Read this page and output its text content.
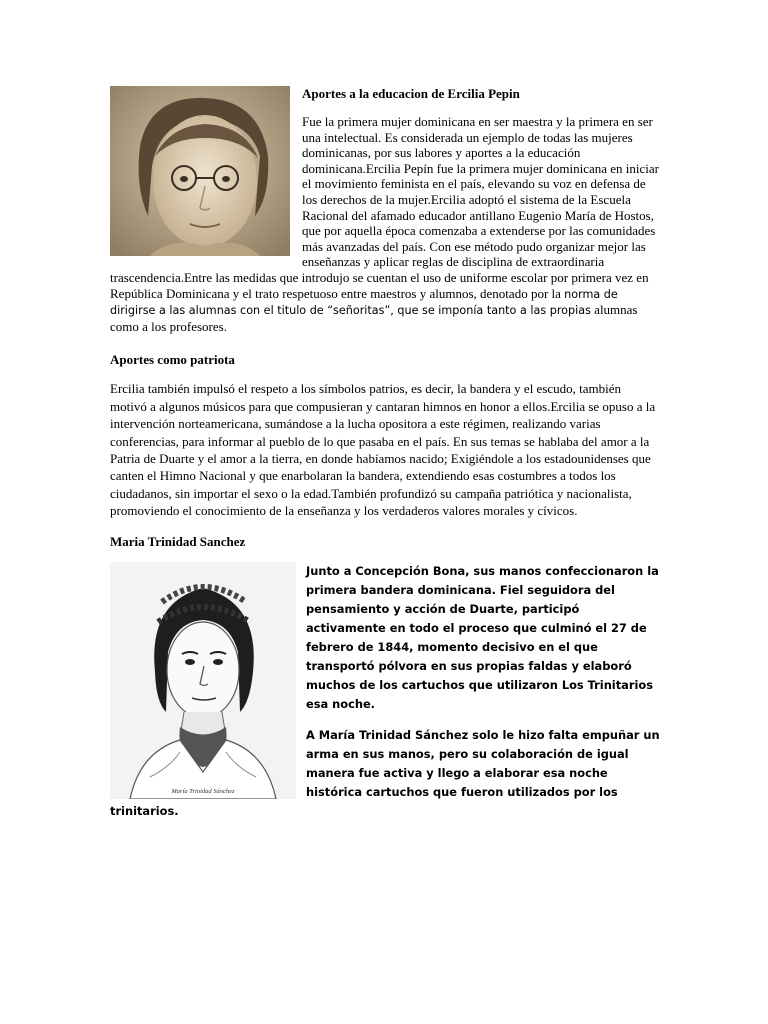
Aportes a la educacion de Ercilia Pepin

Fue la primera mujer dominicana en ser maestra y la primera en ser una intelectual. Es considerada un ejemplo de todas las mujeres dominicanas, por sus labores y aportes a la educación dominicana.Ercilia Pepín fue la primera mujer dominicana en iniciar el movimiento feminista en el país, elevando su voz en defensa de los derechos de la mujer.Ercilia adoptó el sistema de la Escuela Racional del afamado educador antillano Eugenio María de Hostos, que por aquella época comenzaba a extenderse por las comunidades más avanzadas del país. Con ese método pudo organizar mejor las enseñanzas y aplicar reglas de disciplina de extraordinaria trascendencia.Entre las medidas que introdujo se cuentan el uso de uniforme escolar por primera vez en República Dominicana y el trato respetuoso entre maestros y alumnos, denotado por la norma de dirigirse a las alumnas con el titulo de “señoritas”, que se imponía tanto a las propias alumnas como a los profesores.

Aportes como patriota

Ercilia también impulsó el respeto a los símbolos patrios, es decir, la bandera y el escudo, también motivó a algunos músicos para que compusieran y cantaran himnos en honor a ellos.Ercilia se opuso a la intervención norteamericana, sumándose a la lucha opositora a este régimen, realizando varias conferencias, para informar al pueblo de lo que pasaba en el país. En sus temas se hablaba del amor a la Patria de Duarte y el amor a la tierra, en donde habíamos nacido; Exigiéndole a los estadounidenses que canten el Himno Nacional y que enarbolaran la bandera, extendiendo esas costumbres a todos los ciudadanos, sin importar el sexo o la edad.También profundizó su campaña patriótica y nacionalista, promoviendo el conocimiento de la enseñanza y los verdaderos valores morales y cívicos.

Maria Trinidad Sanchez
María Trinidad Sánchez

Junto a Concepción Bona, sus manos confeccionaron la primera bandera dominicana. Fiel seguidora del pensamiento y acción de Duarte, participó activamente en todo el proceso que culminó el 27 de febrero de 1844, momento decisivo en el que transportó pólvora en sus propias faldas y elaboró muchos de los cartuchos que utilizaron Los Trinitarios esa noche.

A María Trinidad Sánchez solo le hizo falta empuñar un arma en sus manos, pero su colaboración de igual manera fue activa y llego a elaborar esa noche histórica cartuchos que fueron utilizados por los trinitarios.
